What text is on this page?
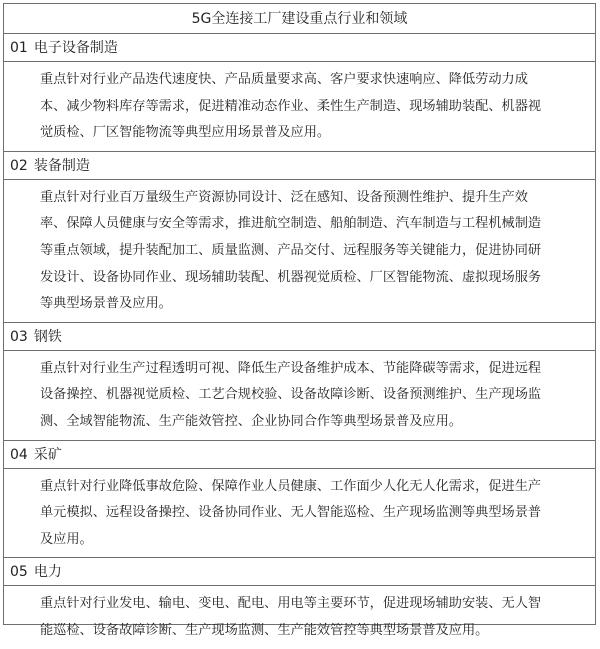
5G全连接工厂建设重点行业和领域
01 电子设备制造
重点针对行业产品迭代速度快、产品质量要求高、客户要求快速响应、降低劳动力成
本、减少物料库存等需求，促进精准动态作业、柔性生产制造、现场辅助装配、机器视
觉质检、厂区智能物流等典型应用场景普及应用。
02 装备制造
重点针对行业百万量级生产资源协同设计、泛在感知、设备预测性维护、提升生产效
率、保障人员健康与安全等需求，推进航空制造、船舶制造、汽车制造与工程机械制造
等重点领域，提升装配加工、质量监测、产品交付、远程服务等关键能力，促进协同研
发设计、设备协同作业、现场辅助装配、机器视觉质检、厂区智能物流、虚拟现场服务
等典型场景普及应用。
03 钢铁
重点针对行业生产过程透明可视、降低生产设备维护成本、节能降碳等需求，促进远程
设备操控、机器视觉质检、工艺合规校验、设备故障诊断、设备预测维护、生产现场监
测、全域智能物流、生产能效管控、企业协同合作等典型场景普及应用。
04 采矿
重点针对行业降低事故危险、保障作业人员健康、工作面少人化无人化需求，促进生产
单元模拟、远程设备操控、设备协同作业、无人智能巡检、生产现场监测等典型场景普
及应用。
05 电力
重点针对行业发电、输电、变电、配电、用电等主要环节，促进现场辅助安装、无人智
能巡检、设备故障诊断、生产现场监测、生产能效管控等典型场景普及应用。
